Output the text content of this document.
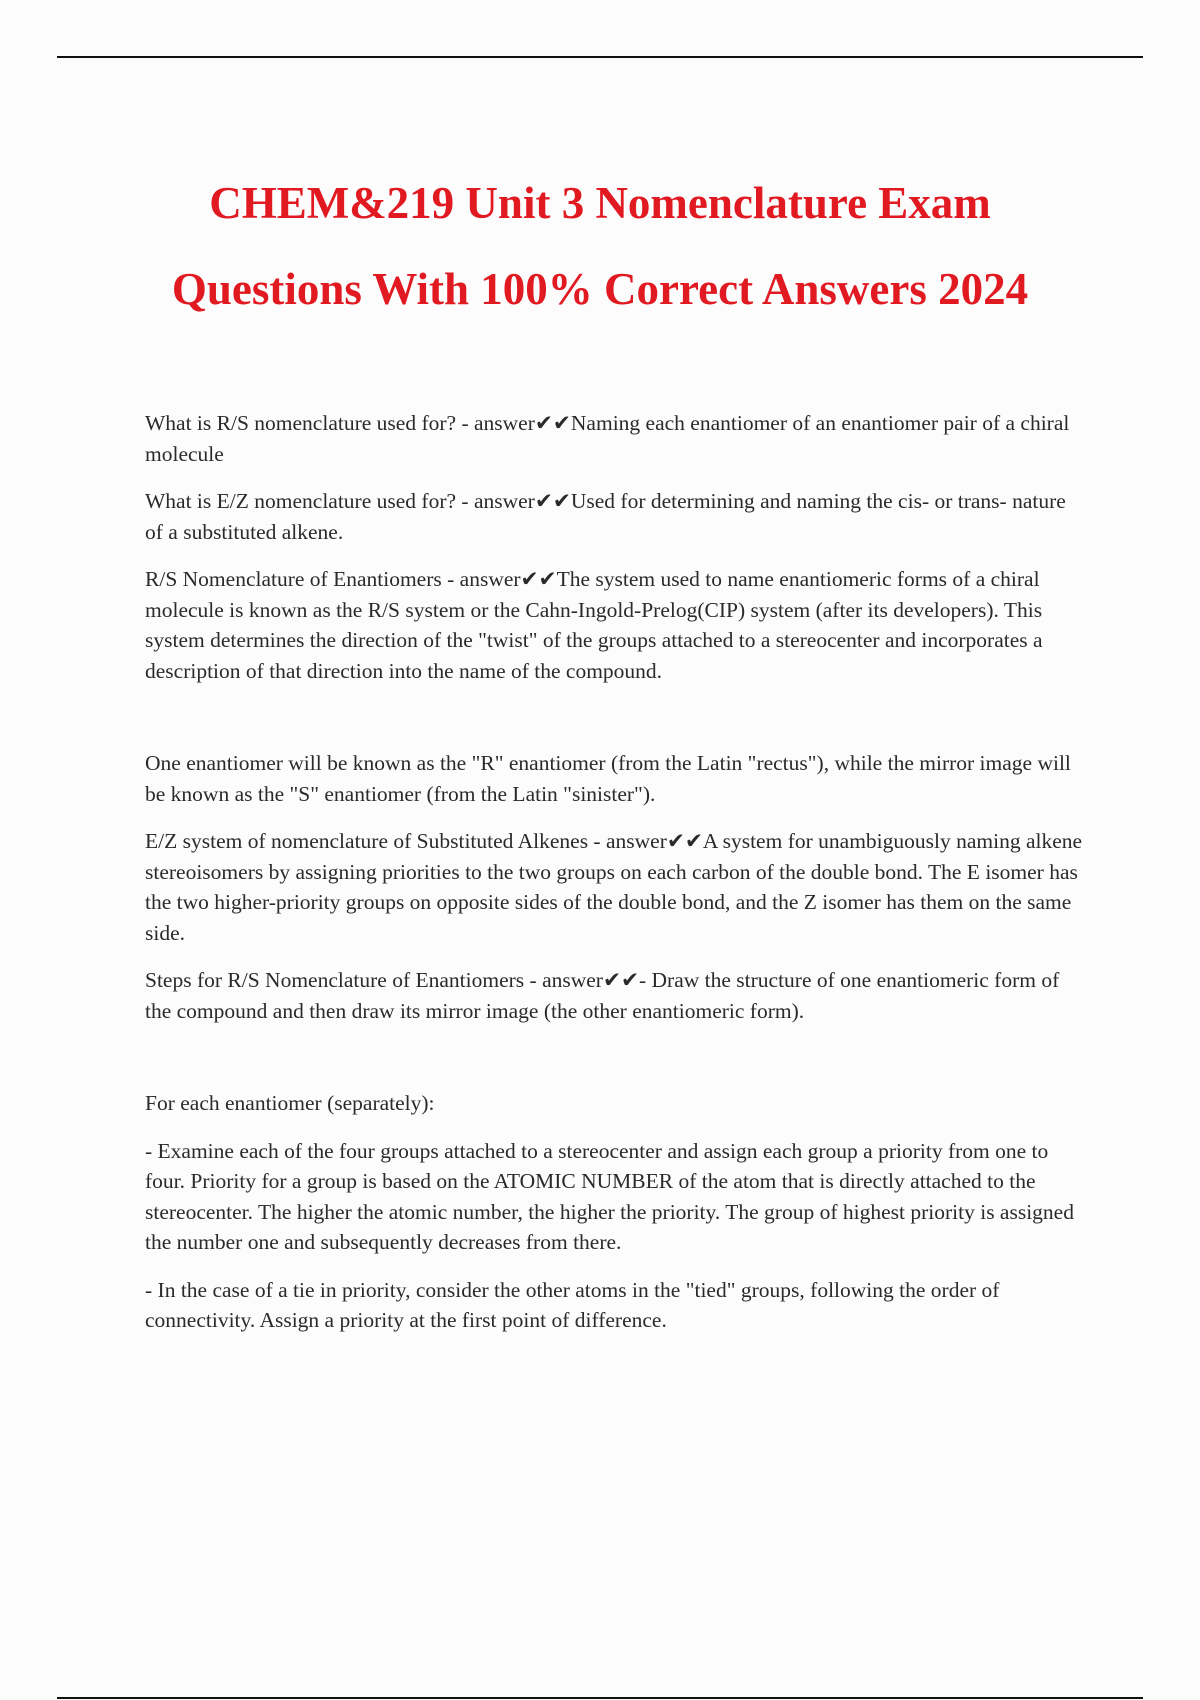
CHEM&219 Unit 3 Nomenclature Exam
Questions With 100% Correct Answers 2024

What is R/S nomenclature used for? - answer✔✔Naming each enantiomer of an enantiomer pair of a chiral molecule

What is E/Z nomenclature used for? - answer✔✔Used for determining and naming the cis- or trans- nature of a substituted alkene.

R/S Nomenclature of Enantiomers - answer✔✔The system used to name enantiomeric forms of a chiral molecule is known as the R/S system or the Cahn-Ingold-Prelog(CIP) system (after its developers). This system determines the direction of the "twist" of the groups attached to a stereocenter and incorporates a description of that direction into the name of the compound.

One enantiomer will be known as the "R" enantiomer (from the Latin "rectus"), while the mirror image will be known as the "S" enantiomer (from the Latin "sinister").

E/Z system of nomenclature of Substituted Alkenes - answer✔✔A system for unambiguously naming alkene stereoisomers by assigning priorities to the two groups on each carbon of the double bond. The E isomer has the two higher-priority groups on opposite sides of the double bond, and the Z isomer has them on the same side.

Steps for R/S Nomenclature of Enantiomers - answer✔✔- Draw the structure of one enantiomeric form of the compound and then draw its mirror image (the other enantiomeric form).

For each enantiomer (separately):

- Examine each of the four groups attached to a stereocenter and assign each group a priority from one to four. Priority for a group is based on the ATOMIC NUMBER of the atom that is directly attached to the stereocenter. The higher the atomic number, the higher the priority. The group of highest priority is assigned the number one and subsequently decreases from there.

- In the case of a tie in priority, consider the other atoms in the "tied" groups, following the order of connectivity. Assign a priority at the first point of difference.
